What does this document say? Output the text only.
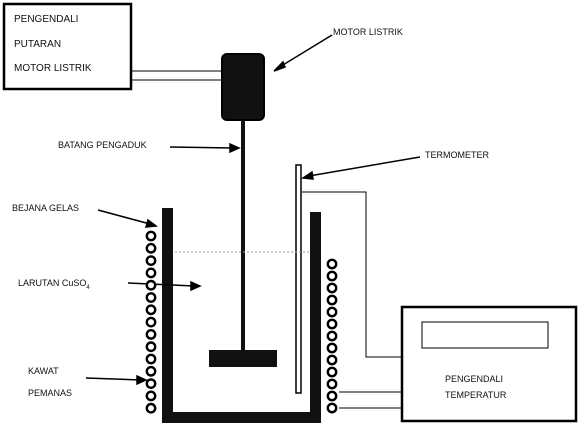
PENGENDALI
PUTARAN
MOTOR LISTRIK
MOTOR LISTRIK
BATANG PENGADUK
TERMOMETER
BEJANA GELAS
LARUTAN CuSO$_4$
KAWAT
PEMANAS
PENGENDALI
TEMPERATUR
